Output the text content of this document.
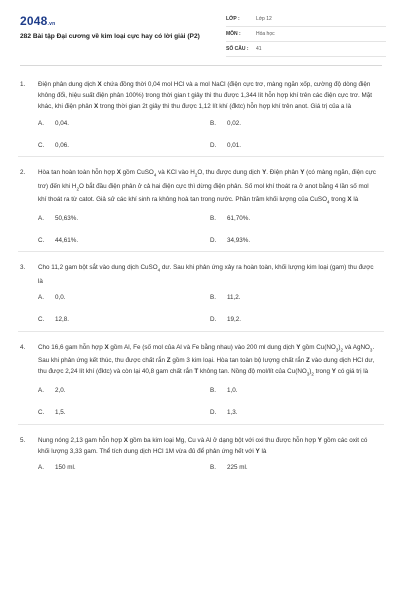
2048.vn
282 Bài tập Đại cương về kim loại cực hay có lời giải (P2)
LỚP :	Lớp 12
MÔN :	Hóa học
SỐ CÂU :	41
1.	Điện phân dung dịch X chứa đồng thời 0,04 mol HCl và a mol NaCl (điện cực trơ, màng ngăn xốp, cường độ dòng điện không đổi, hiệu suất điện phân 100%) trong thời gian t giây thì thu được 1,344 lít hỗn hợp khí trên các điện cực trơ. Mặt khác, khi điện phân X trong thời gian 2t giây thì thu được 1,12 lít khí (đktc) hỗn hợp khí trên anot. Giá trị của a là
A.	0,04.	B.	0,02.
C.	0,06.	D.	0,01.
2.	Hòa tan hoàn toàn hỗn hợp X gồm CuSO$_4$ và KCl vào $H_2O$, thu được dung dịch Y. Điện phân Y (có màng ngăn, điện cực trơ) đến khi $H_2O$ bắt đầu điện phân ở cả hai điện cực thì dừng điện phân. Số mol khí thoát ra ở anot bằng 4 lần số mol khí thoát ra từ catot. Giả sử các khí sinh ra không hoà tan trong nước. Phần trăm khối lượng của CuSO$_4$ trong X là
A.	50,63%.	B.	61,70%.
C.	44,61%.	D.	34,93%.
3.	Cho 11,2 gam bột sắt vào dung dịch CuSO$_4$ dư. Sau khi phản ứng xảy ra hoàn toàn, khối lượng kim loại (gam) thu được là
A.	0,0.	B.	11,2.
C.	12,8.	D.	19,2.
4.	Cho 16,6 gam hỗn hợp X gồm Al, Fe (số mol của Al và Fe bằng nhau) vào 200 ml dung dịch Y gồm $Cu(NO_3)_2$ và AgNO$_3$. Sau khi phản ứng kết thúc, thu được chất rắn Z gồm 3 kim loại. Hòa tan toàn bộ lượng chất rắn Z vào dung dịch HCl dư, thu được 2,24 lít khí (đktc) và còn lại 40,8 gam chất rắn T không tan. Nồng độ mol/lít của $Cu(NO_3)_2$ trong Y có giá trị là
A.	2,0.	B.	1,0.
C.	1,5.	D.	1,3.
5.	Nung nóng 2,13 gam hỗn hợp X gồm ba kim loại Mg, Cu và Al ở dạng bột với oxi thu được hỗn hợp Y gồm các oxit có khối lượng 3,33 gam. Thể tích dung dịch HCl 1M vừa đủ để phản ứng hết với Y là
A.	150 ml.	B.	225 ml.
